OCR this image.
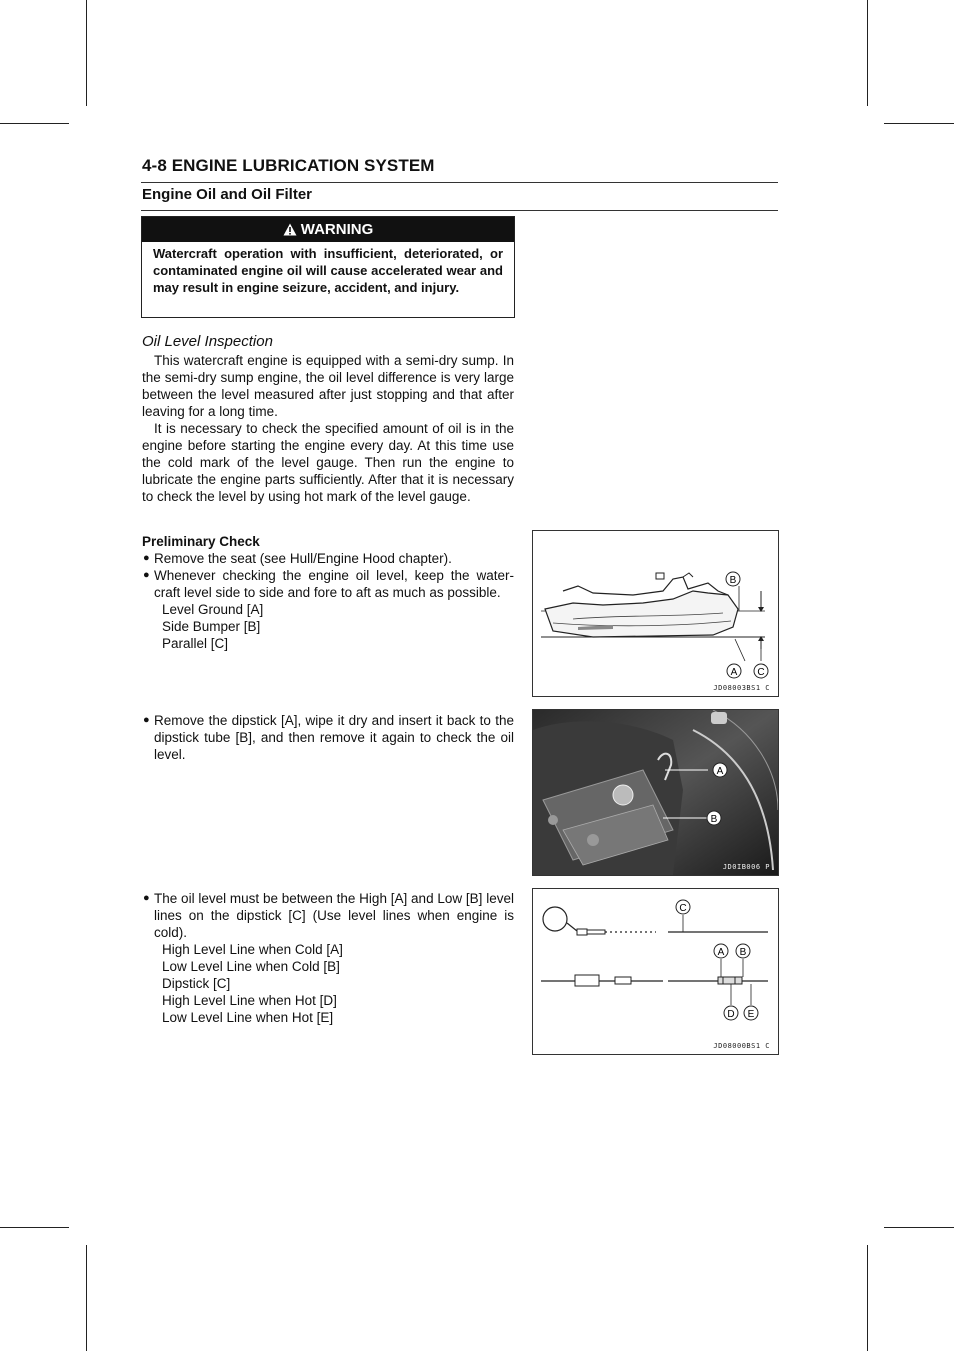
4-8 ENGINE LUBRICATION SYSTEM
Engine Oil and Oil Filter
WARNING
Watercraft operation with insufficient, deteriorated, or contaminated engine oil will cause accelerated wear and may result in engine seizure, accident, and injury.
Oil Level Inspection
This watercraft engine is equipped with a semi-dry sump. In the semi-dry sump engine, the oil level difference is very large between the level measured after just stopping and that after leaving for a long time.
It is necessary to check the specified amount of oil is in the engine before starting the engine every day. At this time use the cold mark of the level gauge. Then run the engine to lubricate the engine parts sufficiently. After that it is necessary to check the level by using hot mark of the level gauge.
Preliminary Check
● Remove the seat (see Hull/Engine Hood chapter).
● Whenever checking the engine oil level, keep the water-craft level side to side and fore to aft as much as possible.
Level Ground [A]
Side Bumper [B]
Parallel [C]
● Remove the dipstick [A], wipe it dry and insert it back to the dipstick tube [B], and then remove it again to check the oil level.
● The oil level must be between the High [A] and Low [B] level lines on the dipstick [C] (Use level lines when engine is cold).
High Level Line when Cold [A]
Low Level Line when Cold [B]
Dipstick [C]
High Level Line when Hot [D]
Low Level Line when Hot [E]
B
A C
JD08003BS1 C
A
B
JD0IB006 P
C
A B
D E
JD08000BS1 C
